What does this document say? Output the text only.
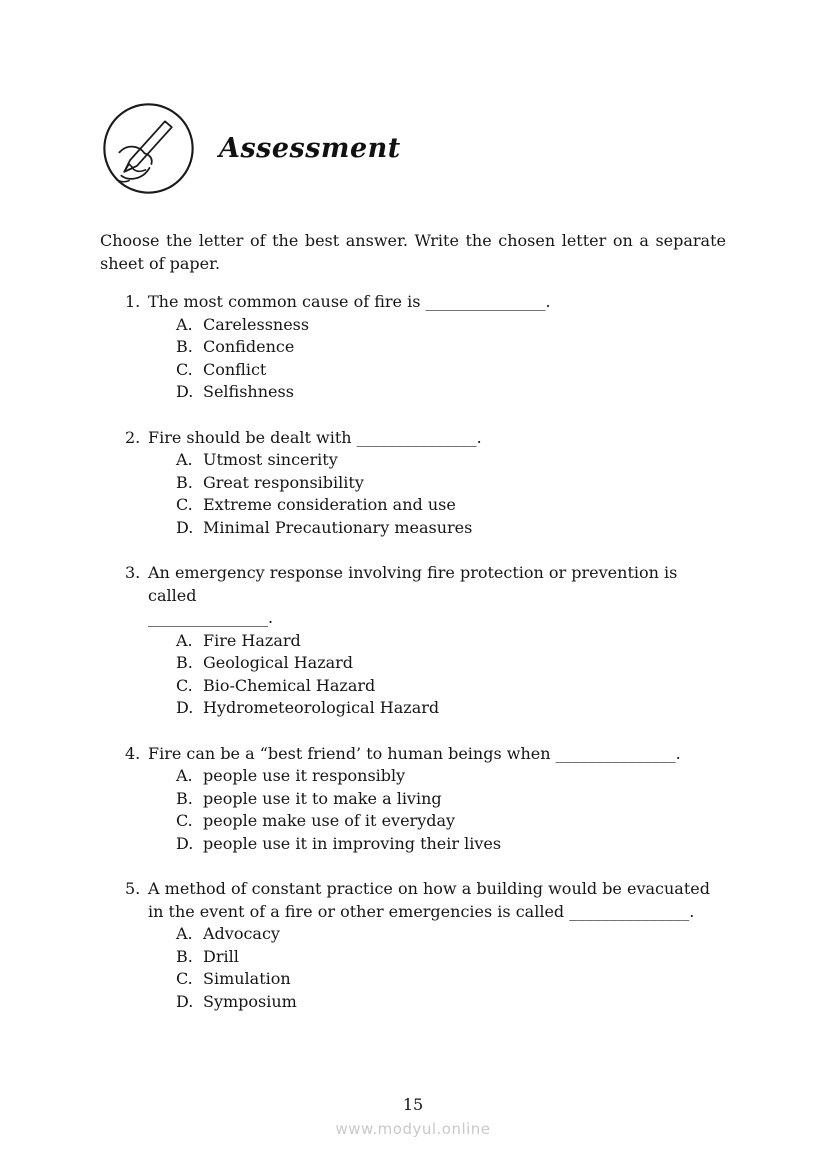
Assessment
Choose the letter of the best answer. Write the chosen letter on a separate sheet of paper.
1. The most common cause of fire is _______________.
A. Carelessness
B. Confidence
C. Conflict
D. Selfishness
2. Fire should be dealt with _______________.
A. Utmost sincerity
B. Great responsibility
C. Extreme consideration and use
D. Minimal Precautionary measures
3. An emergency response involving fire protection or prevention is called
_______________.
A. Fire Hazard
B. Geological Hazard
C. Bio-Chemical Hazard
D. Hydrometeorological Hazard
4. Fire can be a “best friend’ to human beings when _______________.
A. people use it responsibly
B. people use it to make a living
C. people make use of it everyday
D. people use it in improving their lives
5. A method of constant practice on how a building would be evacuated
in the event of a fire or other emergencies is called _______________.
A. Advocacy
B. Drill
C. Simulation
D. Symposium
15
www.modyul.online
